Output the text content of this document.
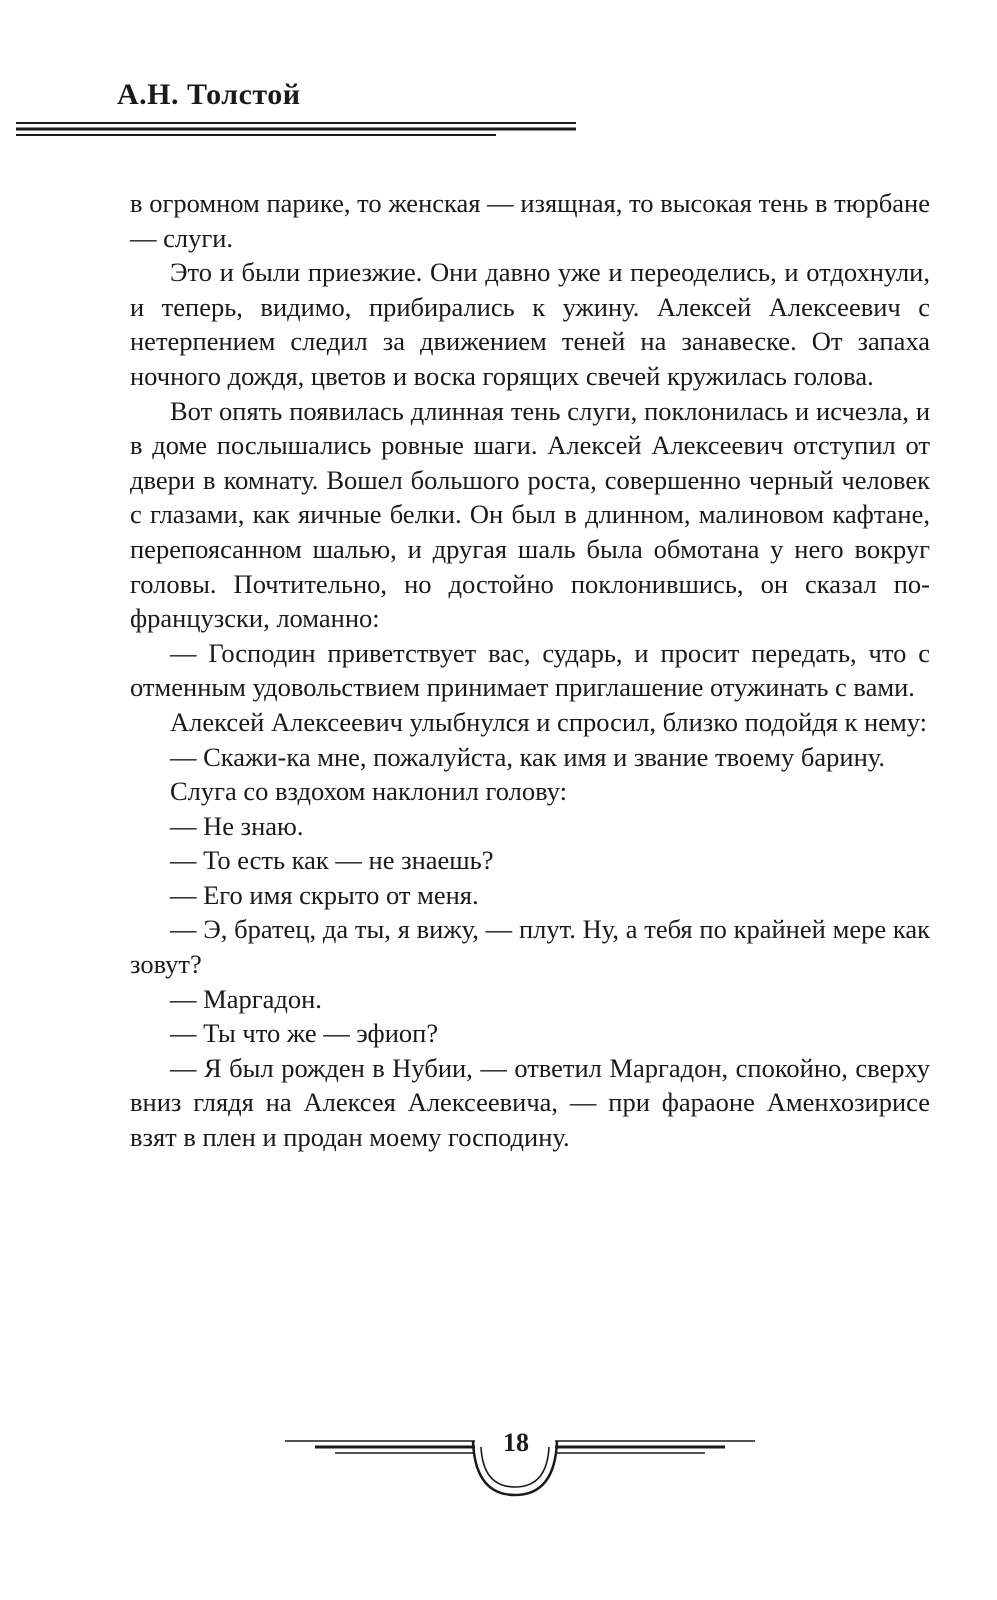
А.Н. Толстой

в огромном парике, то женская — изящная, то высокая тень в тюрбане — слуги.

Это и были приезжие. Они давно уже и переоделись, и отдохнули, и теперь, видимо, прибирались к ужину. Алексей Алексеевич с нетерпением следил за движением теней на занавеске. От запаха ночного дождя, цветов и воска горящих свечей кружилась голова.

Вот опять появилась длинная тень слуги, поклонилась и исчезла, и в доме послышались ровные шаги. Алексей Алексеевич отступил от двери в комнату. Вошел большого роста, совершенно черный человек с глазами, как яичные белки. Он был в длинном, малиновом кафтане, перепоясанном шалью, и другая шаль была обмотана у него вокруг головы. Почтительно, но достойно поклонившись, он сказал по-французски, ломанно:

— Господин приветствует вас, сударь, и просит передать, что с отменным удовольствием принимает приглашение отужинать с вами.

Алексей Алексеевич улыбнулся и спросил, близко подойдя к нему:

— Скажи-ка мне, пожалуйста, как имя и звание твоему барину.

Слуга со вздохом наклонил голову:

— Не знаю.

— То есть как — не знаешь?

— Его имя скрыто от меня.

— Э, братец, да ты, я вижу, — плут. Ну, а тебя по крайней мере как зовут?

— Маргадон.

— Ты что же — эфиоп?

— Я был рожден в Нубии, — ответил Маргадон, спокойно, сверху вниз глядя на Алексея Алексеевича, — при фараоне Аменхозирисе взят в плен и продан моему господину.

18
